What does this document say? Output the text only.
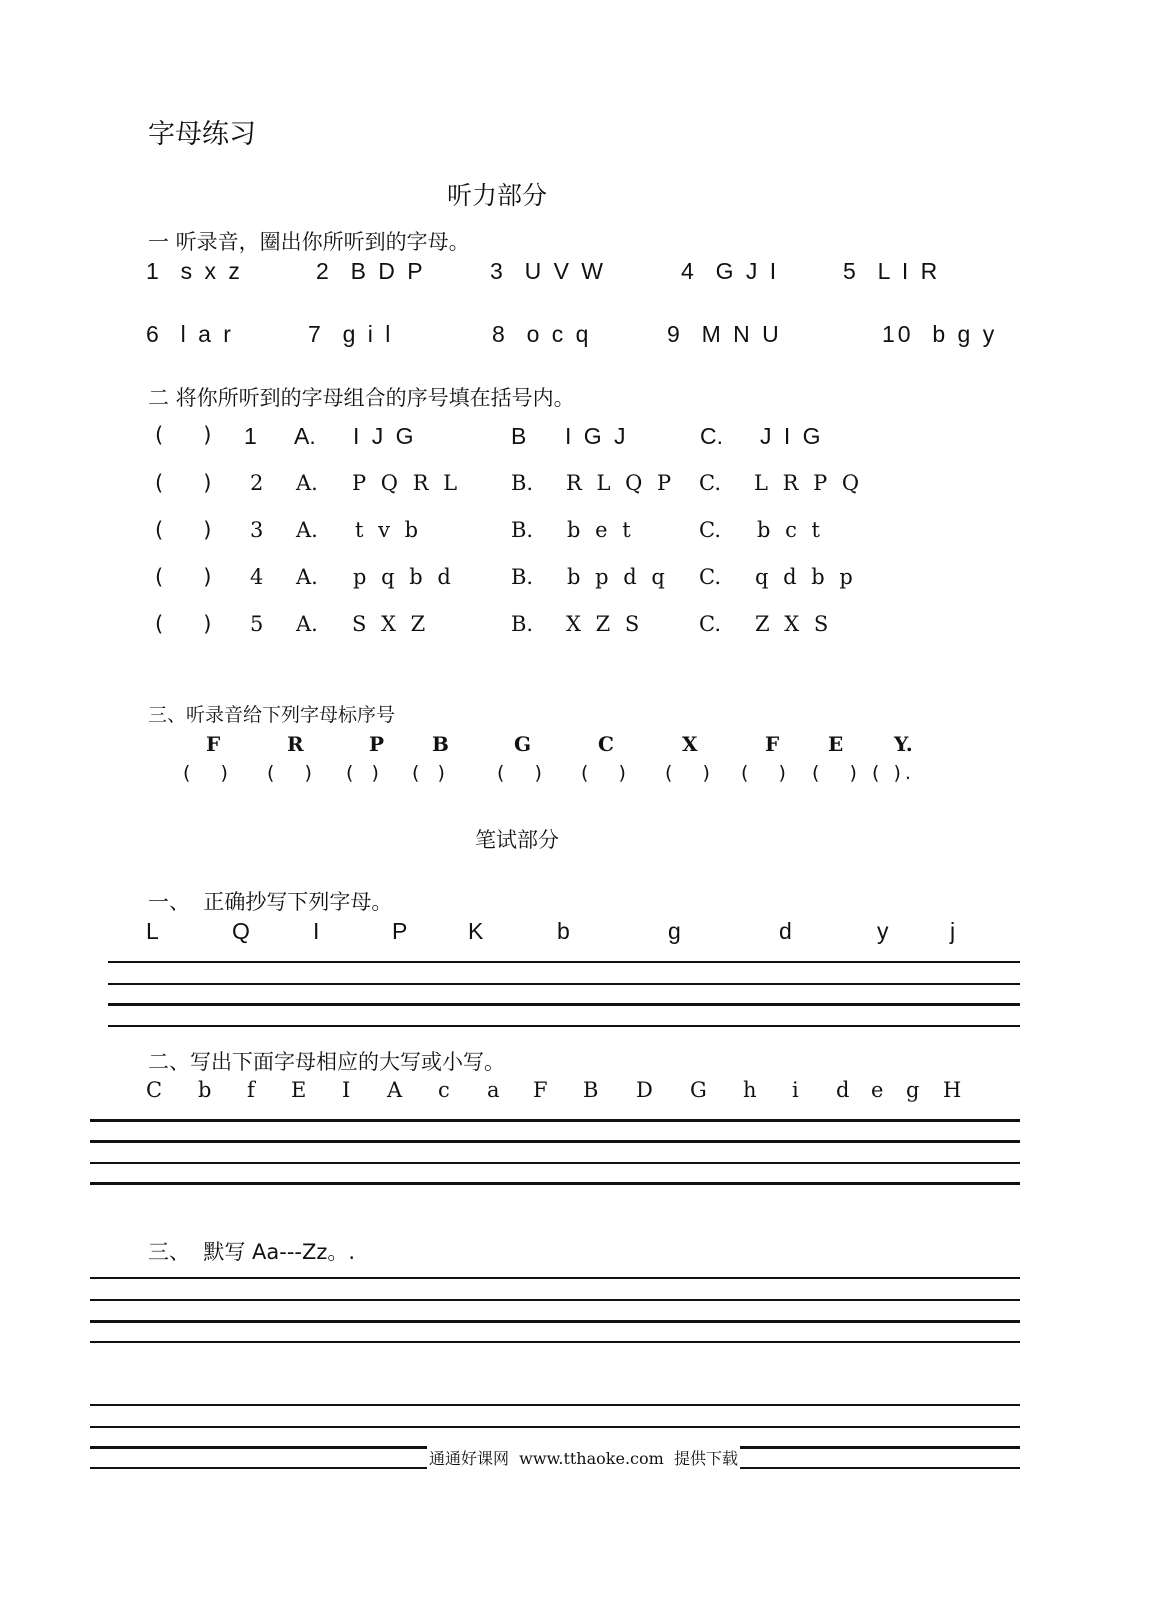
字母练习
听力部分
一 听录音，圈出你所听到的字母。
1 s x z	2 B D P	3 U V W	4 G J I	5 L I R
6 l a r	7 g i l	8 o c q	9 M N U	10 b g y
二 将你所听到的字母组合的序号填在括号内。
(      ) 1 A. I J G	B I G J	C. J I G
(      ) 2 A. P Q R L B. R L Q P C. L R P Q
(      ) 3 A. t v b	B. b e t	C. b c t
(      ) 4 A. p q b d	B. b p d q C. q d b p
(      ) 5 A. S X Z	B. X Z S	C. Z X S
三、听录音给下列字母标序号
F	R	P B	G	C	X	F E	Y.
(  ) (  ) ( ) ( ) (  ) (  ) (  ) (  ) (  ) ( ).
笔试部分
一、  正确抄写下列字母。
L	Q	I	P	K	b	g	d	y	j
二、写出下面字母相应的大写或小写。
C b f E I A c a F B D G h i d e g H
三、  默写 Aa---Zz。.
通通好课网  www.tthaoke.com  提供下载
